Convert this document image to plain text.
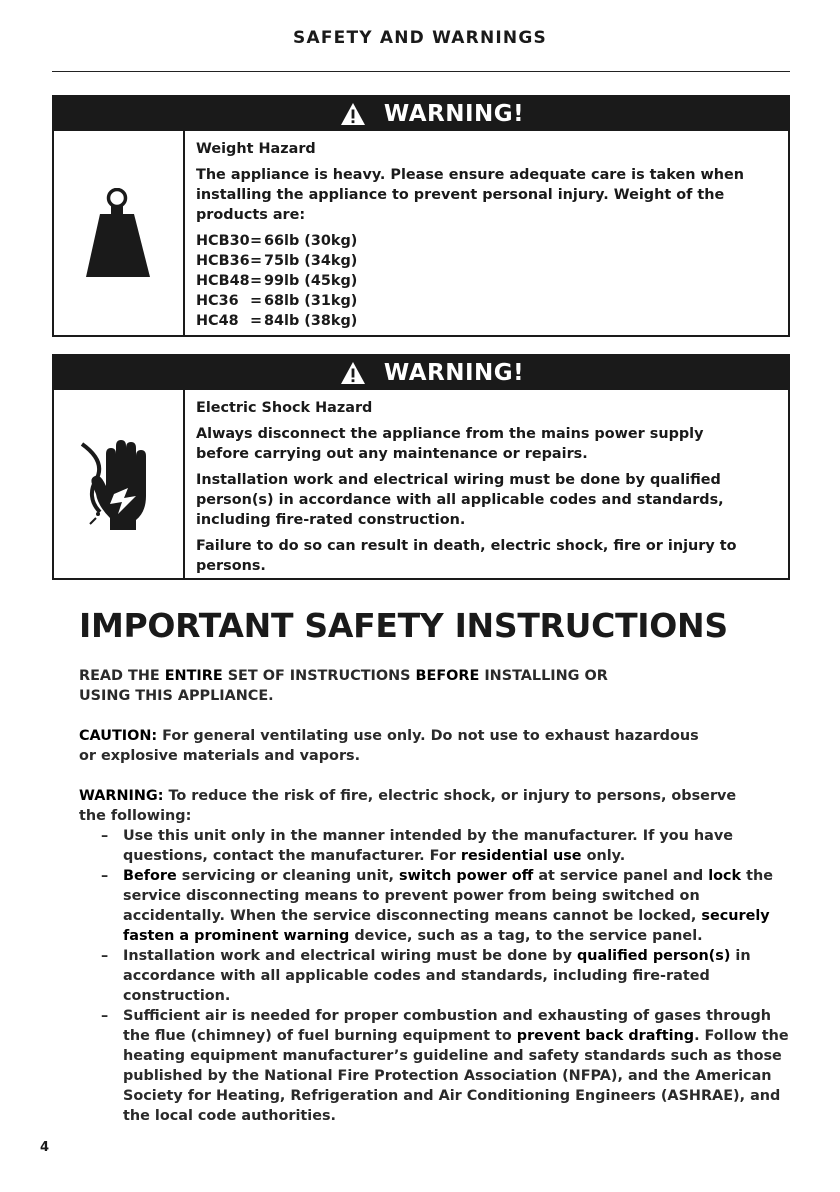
SAFETY AND WARNINGS
WARNING!

Weight Hazard

The appliance is heavy. Please ensure adequate care is taken when installing the appliance to prevent personal injury. Weight of the products are:

HCB30 = 66lb (30kg)
HCB36 = 75lb (34kg)
HCB48 = 99lb (45kg)
HC36 = 68lb (31kg)
HC48 = 84lb (38kg)
WARNING!

Electric Shock Hazard

Always disconnect the appliance from the mains power supply before carrying out any maintenance or repairs.

Installation work and electrical wiring must be done by qualified person(s) in accordance with all applicable codes and standards, including fire-rated construction.

Failure to do so can result in death, electric shock, fire or injury to persons.

IMPORTANT SAFETY INSTRUCTIONS

READ THE ENTIRE SET OF INSTRUCTIONS BEFORE INSTALLING OR USING THIS APPLIANCE.

CAUTION: For general ventilating use only. Do not use to exhaust hazardous or explosive materials and vapors.

WARNING: To reduce the risk of fire, electric shock, or injury to persons, observe the following:

– Use this unit only in the manner intended by the manufacturer. If you have questions, contact the manufacturer. For residential use only.
– Before servicing or cleaning unit, switch power off at service panel and lock the service disconnecting means to prevent power from being switched on accidentally. When the service disconnecting means cannot be locked, securely fasten a prominent warning device, such as a tag, to the service panel.
– Installation work and electrical wiring must be done by qualified person(s) in accordance with all applicable codes and standards, including fire-rated construction.
– Sufficient air is needed for proper combustion and exhausting of gases through the flue (chimney) of fuel burning equipment to prevent back drafting. Follow the heating equipment manufacturer’s guideline and safety standards such as those published by the National Fire Protection Association (NFPA), and the American Society for Heating, Refrigeration and Air Conditioning Engineers (ASHRAE), and the local code authorities.
4
